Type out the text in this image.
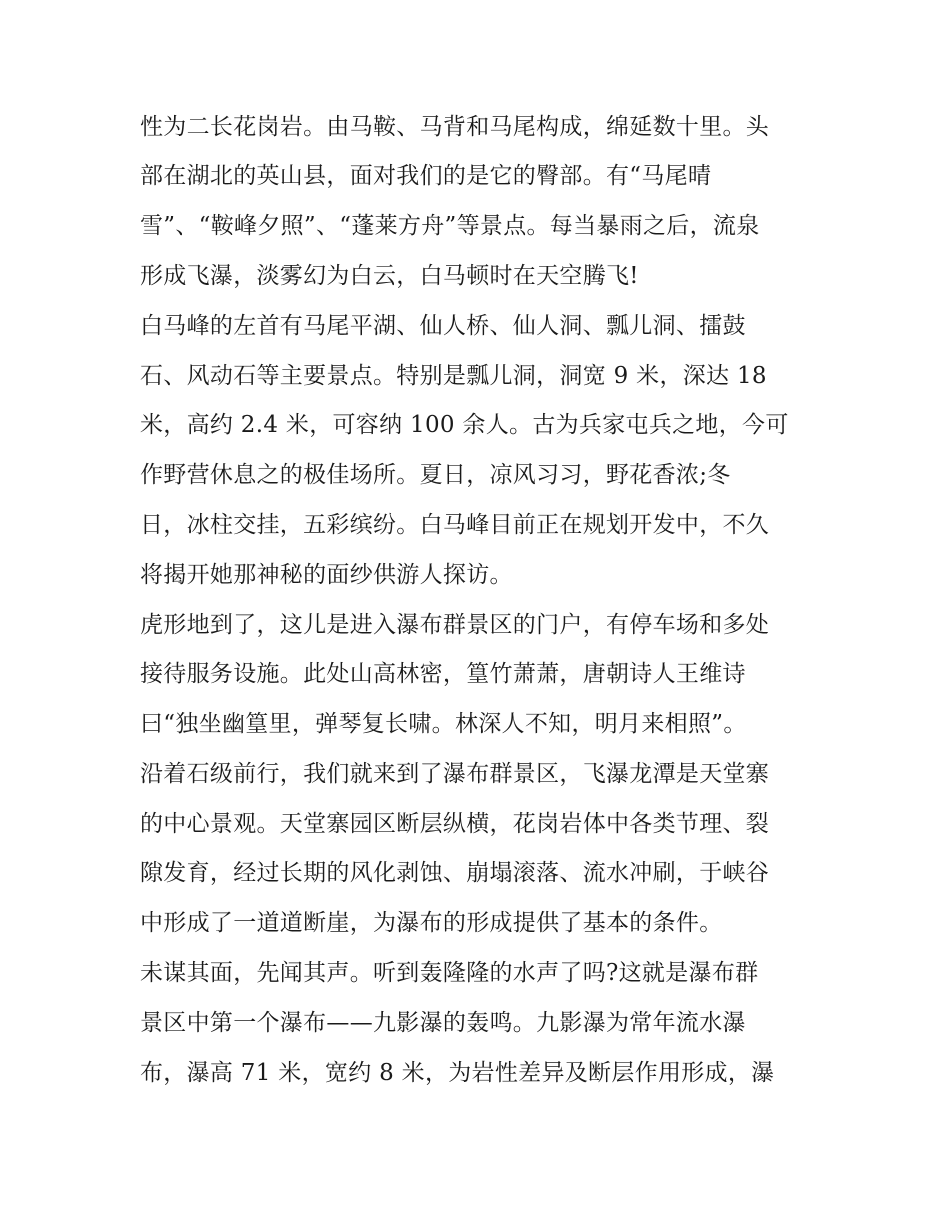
性为二长花岗岩。由马鞍、马背和马尾构成，绵延数十里。头
部在湖北的英山县，面对我们的是它的臀部。有“马尾晴
雪”、“鞍峰夕照”、“蓬莱方舟”等景点。每当暴雨之后，流泉
形成飞瀑，淡雾幻为白云，白马顿时在天空腾飞!
白马峰的左首有马尾平湖、仙人桥、仙人洞、瓢儿洞、擂鼓
石、风动石等主要景点。特别是瓢儿洞，洞宽 9 米，深达 18
米，高约 2.4 米，可容纳 100 余人。古为兵家屯兵之地，今可
作野营休息之的极佳场所。夏日，凉风习习，野花香浓;冬
日，冰柱交挂，五彩缤纷。白马峰目前正在规划开发中，不久
将揭开她那神秘的面纱供游人探访。
虎形地到了，这儿是进入瀑布群景区的门户，有停车场和多处
接待服务设施。此处山高林密，篁竹萧萧，唐朝诗人王维诗
曰“独坐幽篁里，弹琴复长啸。林深人不知，明月来相照”。
沿着石级前行，我们就来到了瀑布群景区，飞瀑龙潭是天堂寨
的中心景观。天堂寨园区断层纵横，花岗岩体中各类节理、裂
隙发育，经过长期的风化剥蚀、崩塌滚落、流水冲刷，于峡谷
中形成了一道道断崖，为瀑布的形成提供了基本的条件。
未谋其面，先闻其声。听到轰隆隆的水声了吗?这就是瀑布群
景区中第一个瀑布——九影瀑的轰鸣。九影瀑为常年流水瀑
布，瀑高 71 米，宽约 8 米，为岩性差异及断层作用形成，瀑
